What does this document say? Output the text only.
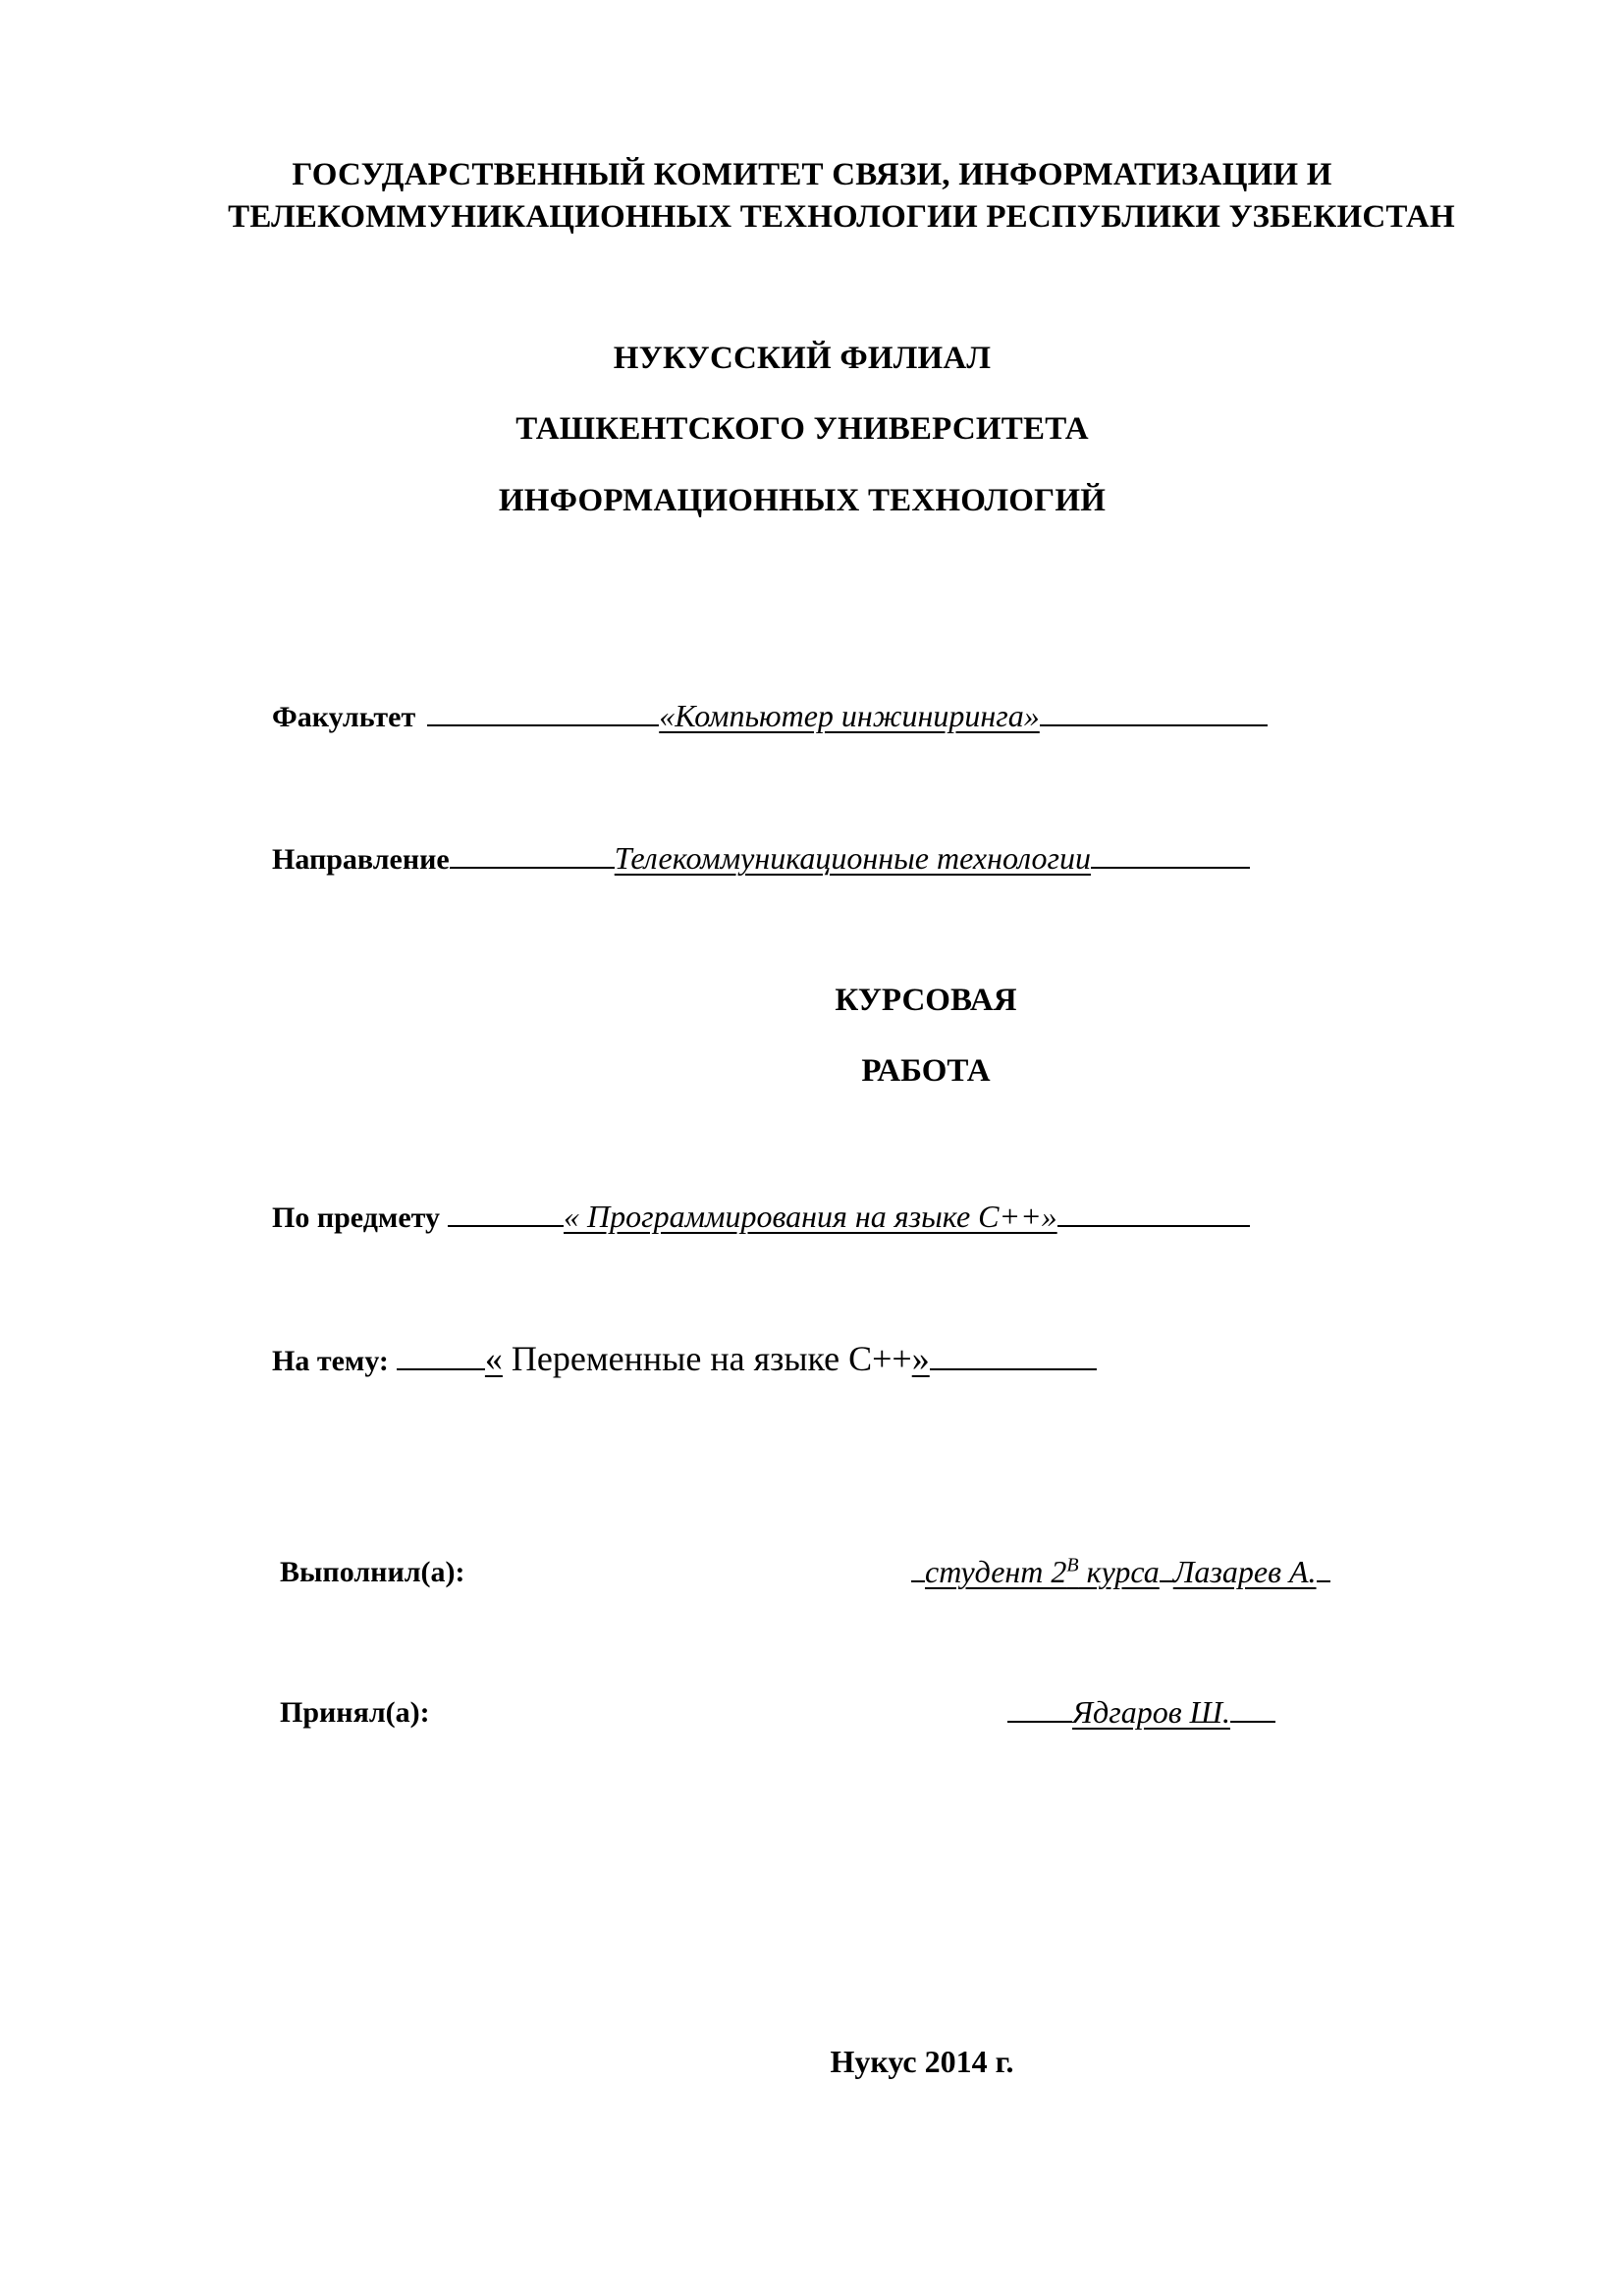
ГОСУДАРСТВЕННЫЙ КОМИТЕТ СВЯЗИ, ИНФОРМАТИЗАЦИИ И
ТЕЛЕКОММУНИКАЦИОННЫХ ТЕХНОЛОГИИ РЕСПУБЛИКИ УЗБЕКИСТАН
НУКУССКИЙ ФИЛИАЛ
ТАШКЕНТСКОГО УНИВЕРСИТЕТА
ИНФОРМАЦИОННЫХ ТЕХНОЛОГИЙ
Факультет	«Компьютер инжиниринга»
Направление	Телекоммуникационные технологии
КУРСОВАЯ
РАБОТА
По предмету	« Программирования на языке С++»
На тему:	« Переменные на языке С++»
Выполнил(а):	студент $2^В$ курса Лазарев А.
Принял(а):	Ядгаров Ш.
Нукус 2014 г.
